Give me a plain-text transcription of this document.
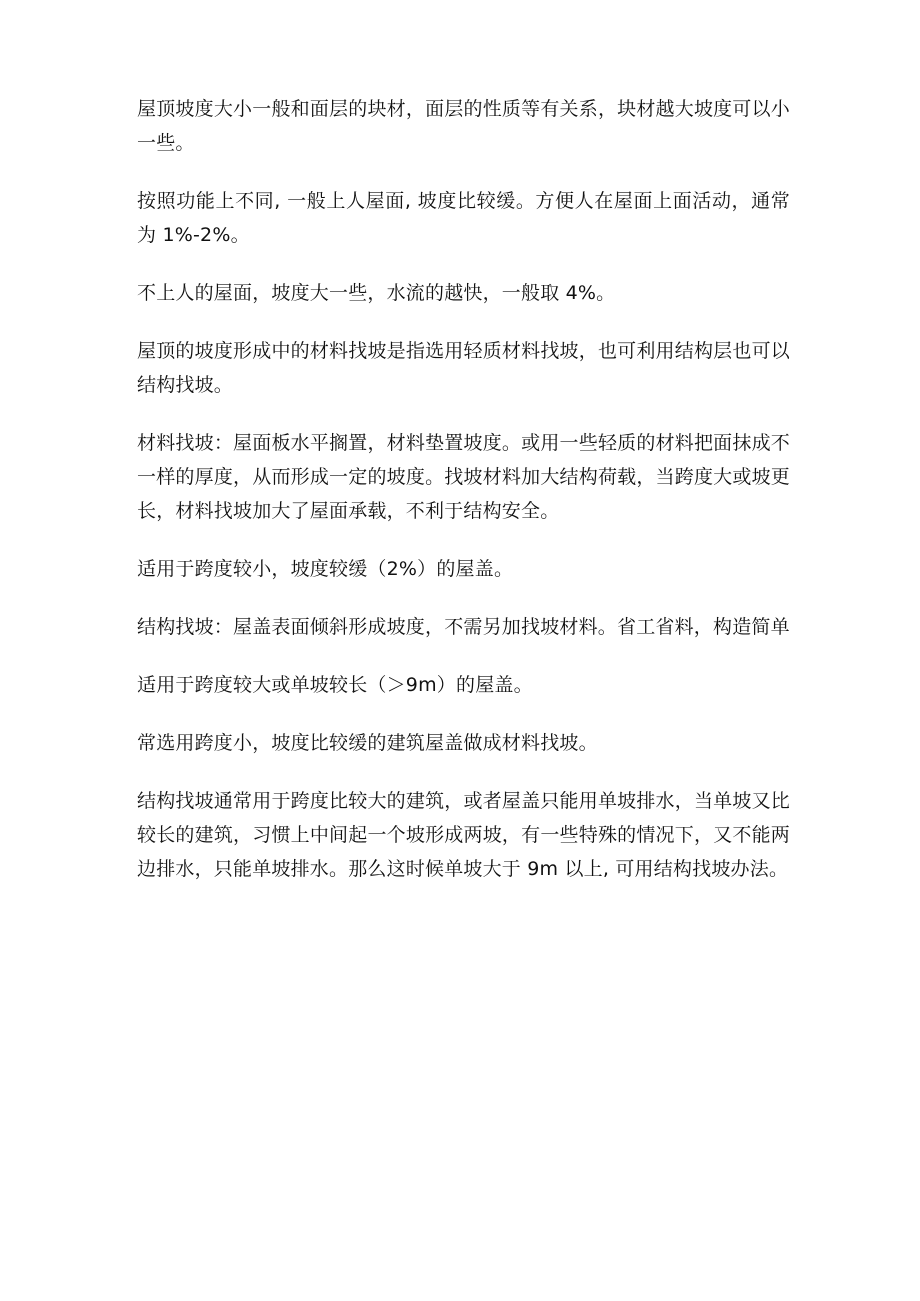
屋顶坡度大小一般和面层的块材，面层的性质等有关系，块材越大坡度可以小一些。

按照功能上不同, 一般上人屋面, 坡度比较缓。方便人在屋面上面活动，通常为 1%-2%。

不上人的屋面，坡度大一些，水流的越快，一般取 4%。

屋顶的坡度形成中的材料找坡是指选用轻质材料找坡，也可利用结构层也可以结构找坡。

材料找坡：屋面板水平搁置，材料垫置坡度。或用一些轻质的材料把面抹成不一样的厚度，从而形成一定的坡度。找坡材料加大结构荷载，当跨度大或坡更长，材料找坡加大了屋面承载，不利于结构安全。

适用于跨度较小，坡度较缓（2%）的屋盖。

结构找坡：屋盖表面倾斜形成坡度，不需另加找坡材料。省工省料，构造简单

适用于跨度较大或单坡较长（＞9m）的屋盖。

常选用跨度小，坡度比较缓的建筑屋盖做成材料找坡。

结构找坡通常用于跨度比较大的建筑，或者屋盖只能用单坡排水，当单坡又比较长的建筑，习惯上中间起一个坡形成两坡，有一些特殊的情况下，又不能两边排水，只能单坡排水。那么这时候单坡大于 9m 以上, 可用结构找坡办法。
